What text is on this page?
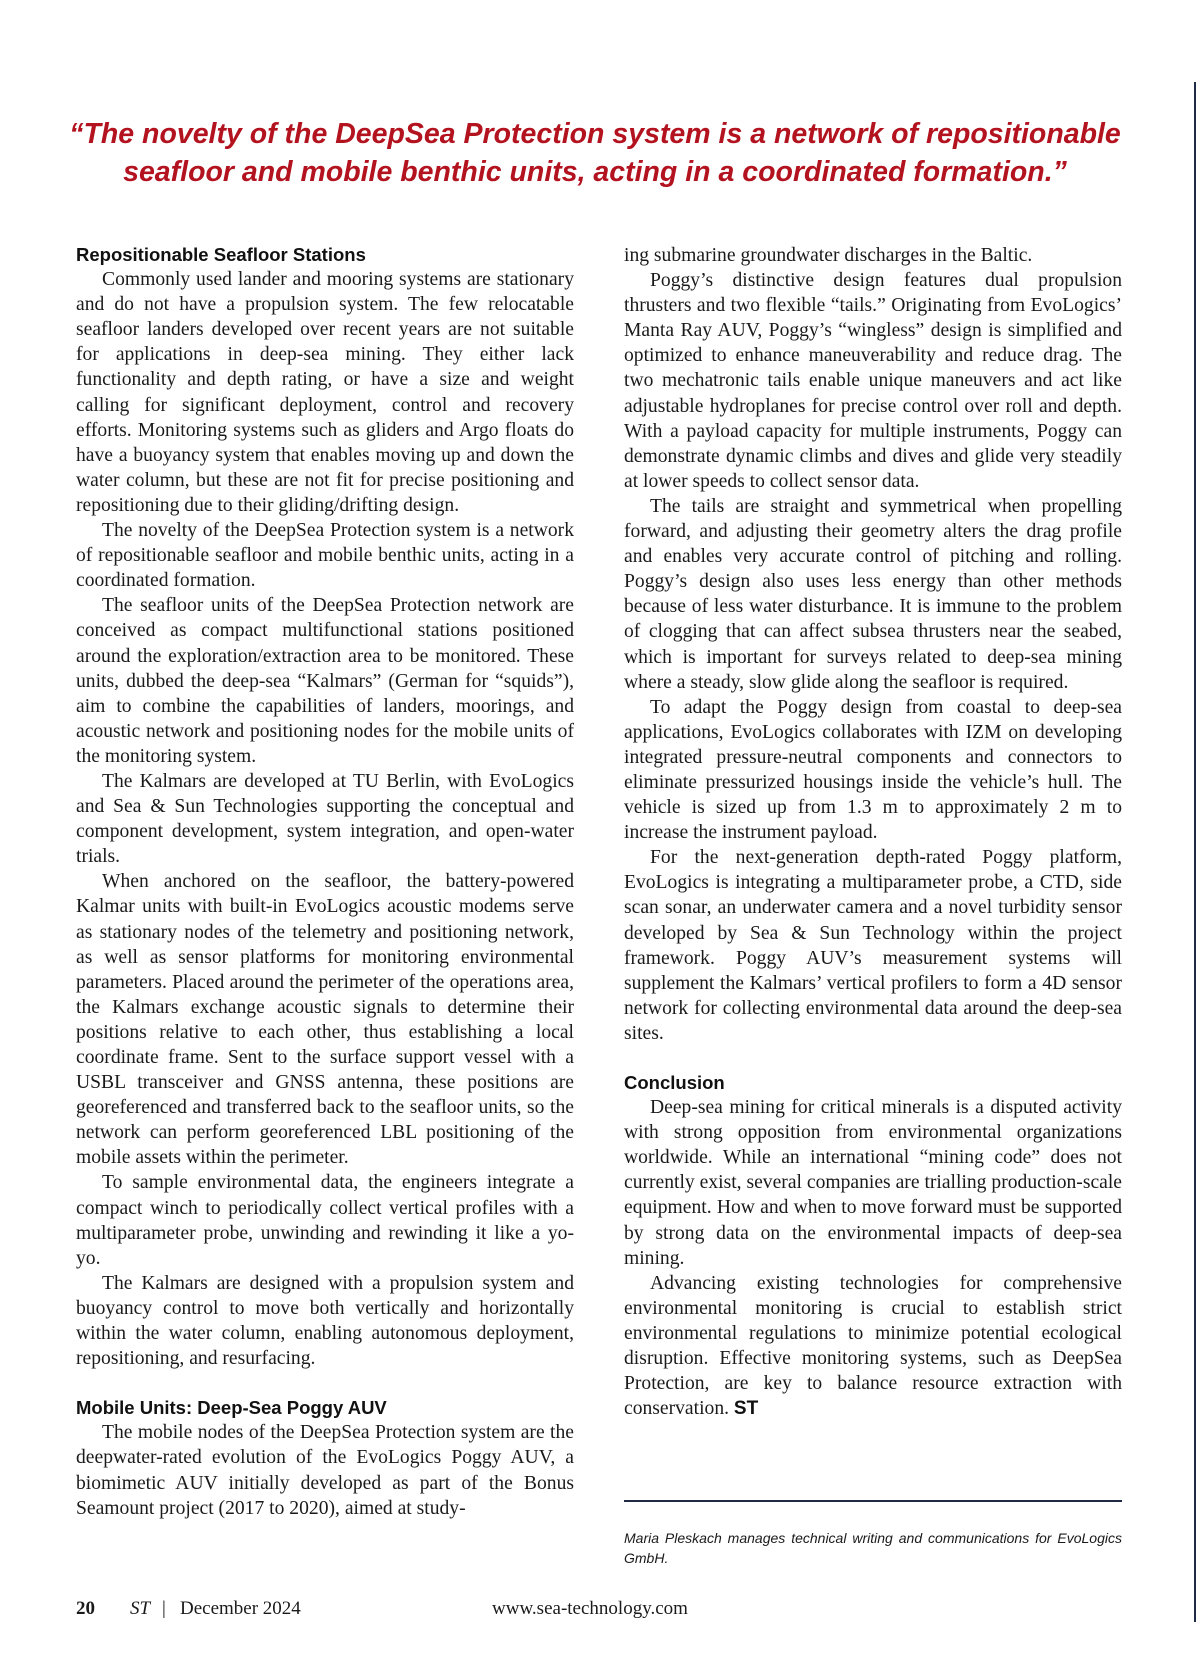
“The novelty of the DeepSea Protection system is a network of repositionable seafloor and mobile benthic units, acting in a coordinated formation.”
Repositionable Seafloor Stations

Commonly used lander and mooring systems are stationary and do not have a propulsion system. The few relocatable seafloor landers developed over recent years are not suitable for applications in deep-sea mining. They either lack functionality and depth rating, or have a size and weight calling for significant deployment, control and recovery efforts. Monitoring systems such as gliders and Argo floats do have a buoyancy system that enables moving up and down the water column, but these are not fit for precise positioning and repositioning due to their gliding/drifting design.

The novelty of the DeepSea Protection system is a network of repositionable seafloor and mobile benthic units, acting in a coordinated formation.

The seafloor units of the DeepSea Protection network are conceived as compact multifunctional stations positioned around the exploration/extraction area to be monitored. These units, dubbed the deep-sea “Kalmars” (German for “squids”), aim to combine the capabilities of landers, moorings, and acoustic network and positioning nodes for the mobile units of the monitoring system.

The Kalmars are developed at TU Berlin, with EvoLogics and Sea & Sun Technologies supporting the conceptual and component development, system integration, and open-water trials.

When anchored on the seafloor, the battery-powered Kalmar units with built-in EvoLogics acoustic modems serve as stationary nodes of the telemetry and positioning network, as well as sensor platforms for monitoring environmental parameters. Placed around the perimeter of the operations area, the Kalmars exchange acoustic signals to determine their positions relative to each other, thus establishing a local coordinate frame. Sent to the surface support vessel with a USBL transceiver and GNSS antenna, these positions are georeferenced and transferred back to the seafloor units, so the network can perform georeferenced LBL positioning of the mobile assets within the perimeter.

To sample environmental data, the engineers integrate a compact winch to periodically collect vertical profiles with a multiparameter probe, unwinding and rewinding it like a yo-yo.

The Kalmars are designed with a propulsion system and buoyancy control to move both vertically and horizontally within the water column, enabling autonomous deployment, repositioning, and resurfacing.

Mobile Units: Deep-Sea Poggy AUV

The mobile nodes of the DeepSea Protection system are the deepwater-rated evolution of the EvoLogics Poggy AUV, a biomimetic AUV initially developed as part of the Bonus Seamount project (2017 to 2020), aimed at study-

ing submarine groundwater discharges in the Baltic.

Poggy’s distinctive design features dual propulsion thrusters and two flexible “tails.” Originating from EvoLogics’ Manta Ray AUV, Poggy’s “wingless” design is simplified and optimized to enhance maneuverability and reduce drag. The two mechatronic tails enable unique maneuvers and act like adjustable hydroplanes for precise control over roll and depth. With a payload capacity for multiple instruments, Poggy can demonstrate dynamic climbs and dives and glide very steadily at lower speeds to collect sensor data.

The tails are straight and symmetrical when propelling forward, and adjusting their geometry alters the drag profile and enables very accurate control of pitching and rolling. Poggy’s design also uses less energy than other methods because of less water disturbance. It is immune to the problem of clogging that can affect subsea thrusters near the seabed, which is important for surveys related to deep-sea mining where a steady, slow glide along the seafloor is required.

To adapt the Poggy design from coastal to deep-sea applications, EvoLogics collaborates with IZM on developing integrated pressure-neutral components and connectors to eliminate pressurized housings inside the vehicle’s hull. The vehicle is sized up from 1.3 m to approximately 2 m to increase the instrument payload.

For the next-generation depth-rated Poggy platform, EvoLogics is integrating a multiparameter probe, a CTD, side scan sonar, an underwater camera and a novel turbidity sensor developed by Sea & Sun Technology within the project framework. Poggy AUV’s measurement systems will supplement the Kalmars’ vertical profilers to form a 4D sensor network for collecting environmental data around the deep-sea sites.

Conclusion

Deep-sea mining for critical minerals is a disputed activity with strong opposition from environmental organizations worldwide. While an international “mining code” does not currently exist, several companies are trialling production-scale equipment. How and when to move forward must be supported by strong data on the environmental impacts of deep-sea mining.

Advancing existing technologies for comprehensive environmental monitoring is crucial to establish strict environmental regulations to minimize potential ecological disruption. Effective monitoring systems, such as DeepSea Protection, are key to balance resource extraction with conservation. ST

Maria Pleskach manages technical writing and communications for EvoLogics GmbH.

20 ST | December 2024	www.sea-technology.com
